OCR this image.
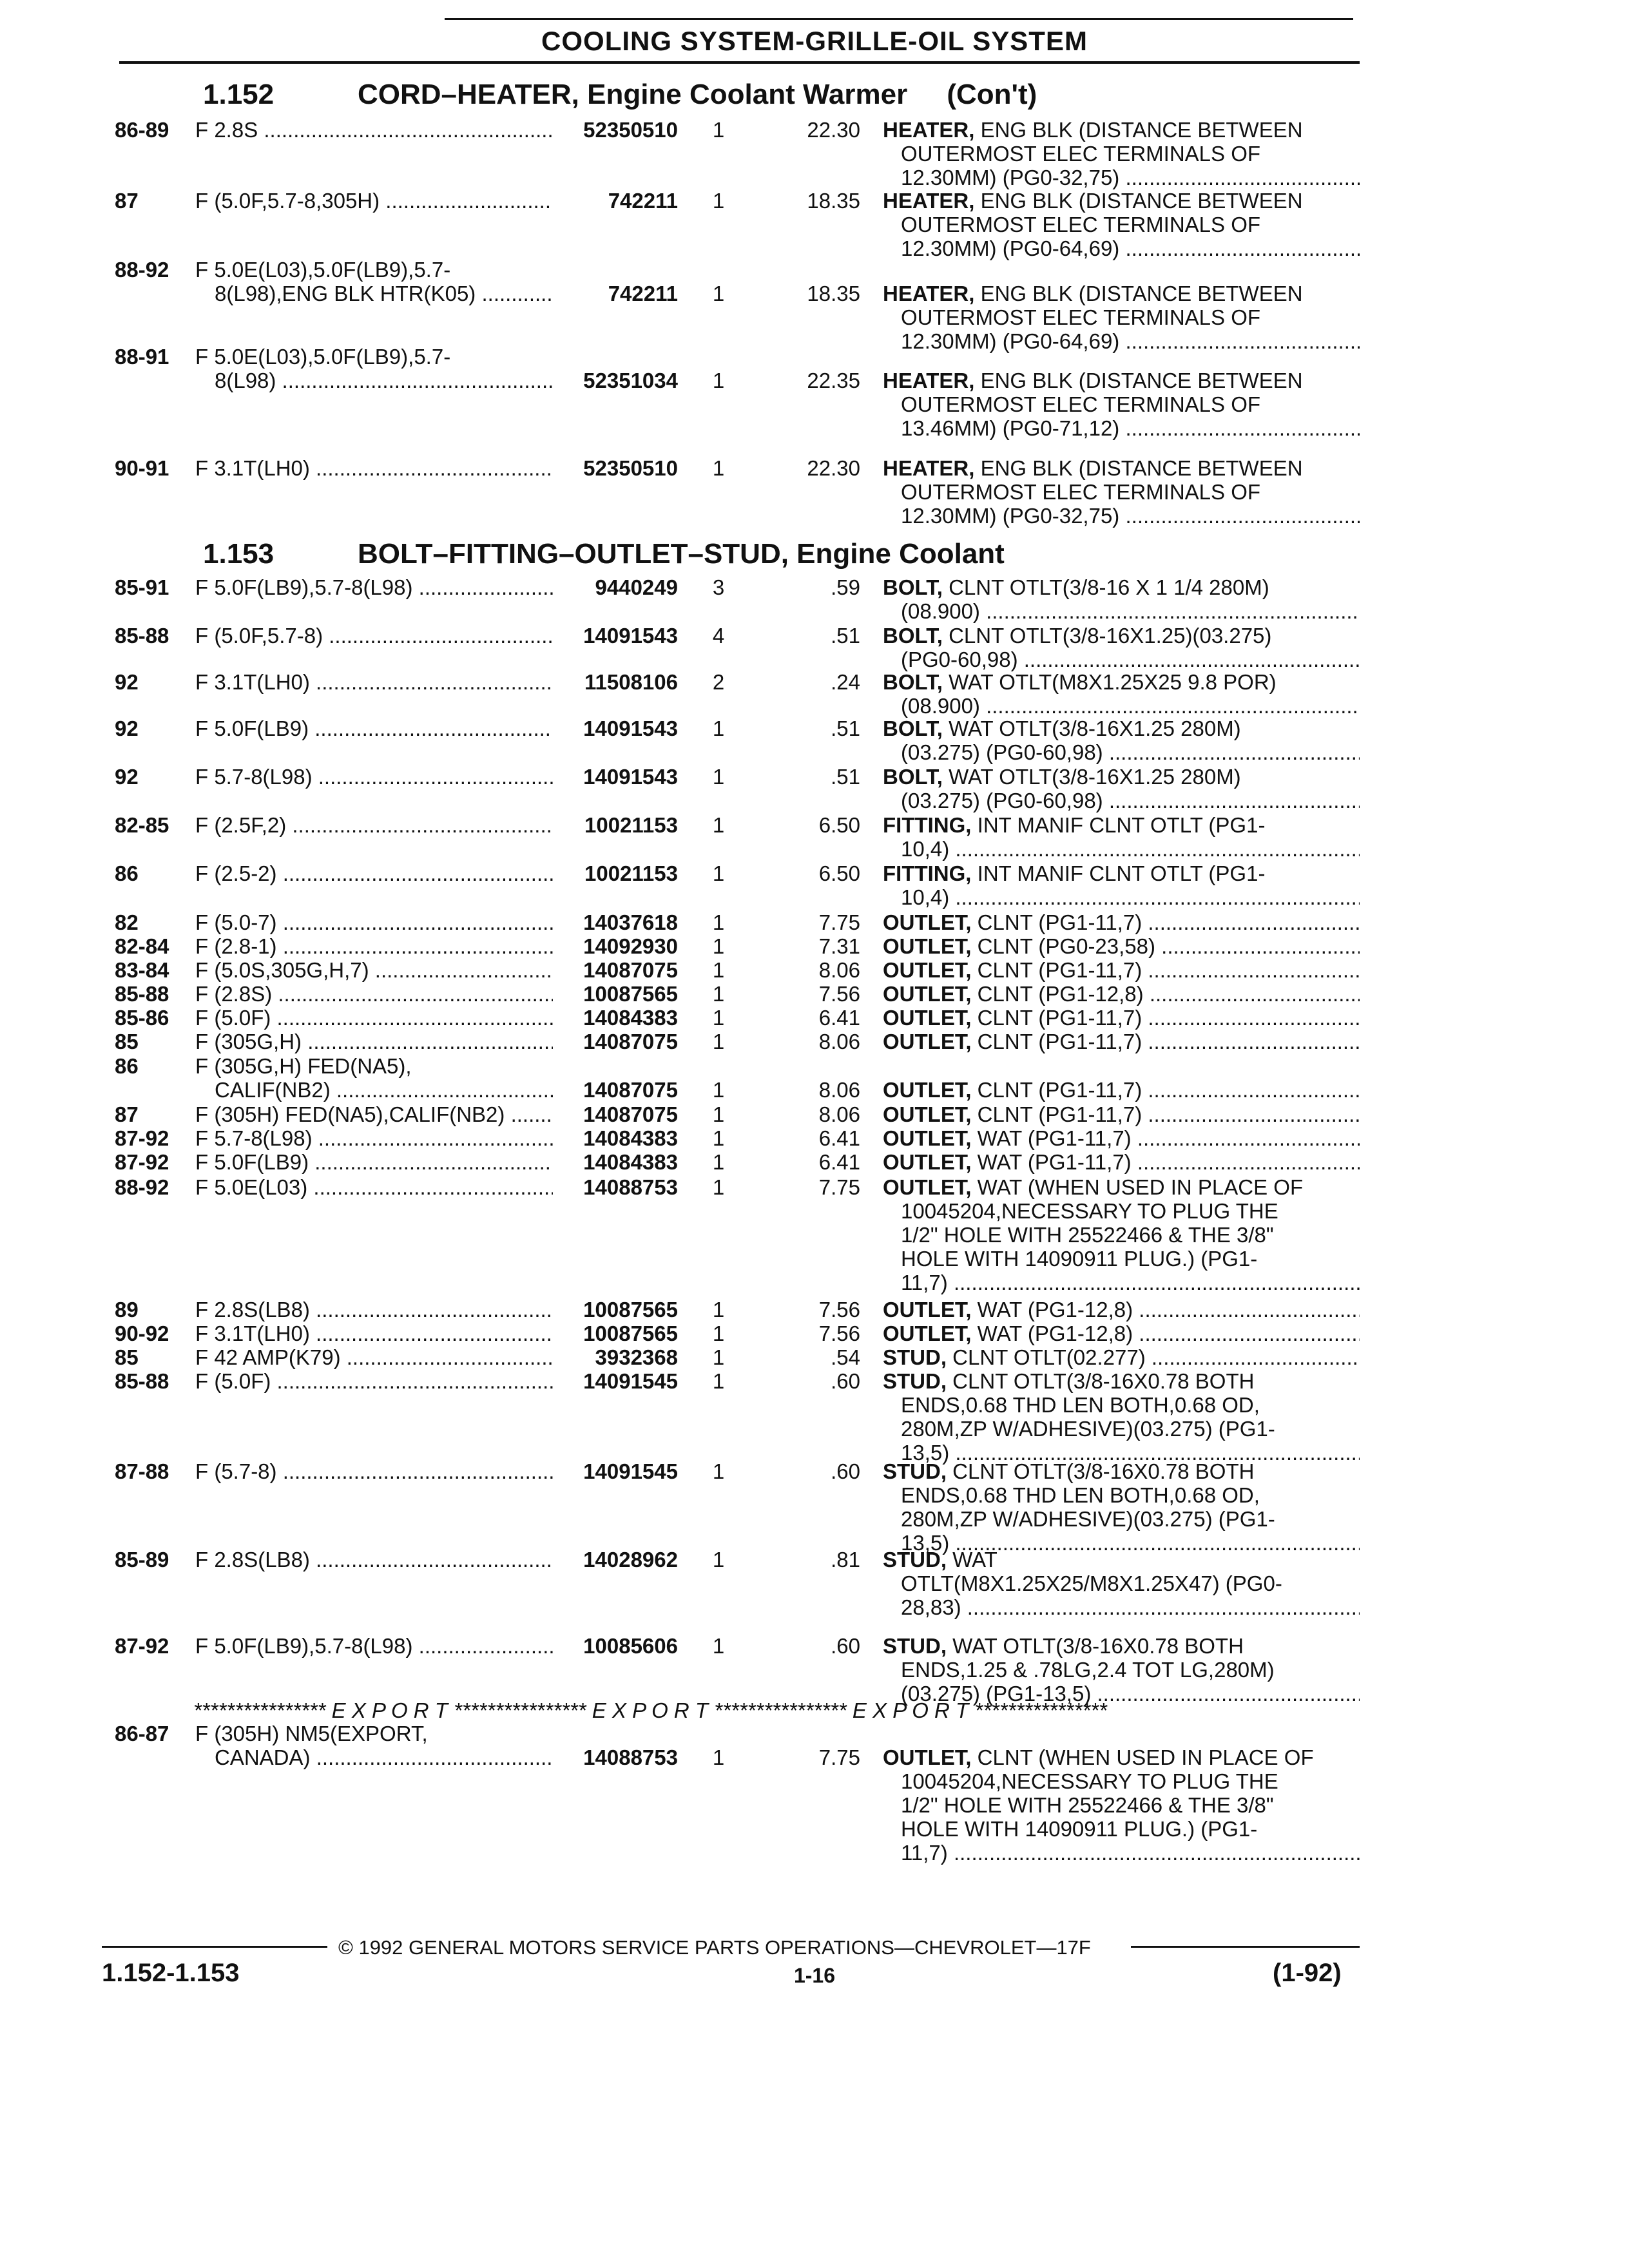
COOLING SYSTEM-GRILLE-OIL SYSTEM
1.152	CORD–HEATER, Engine Coolant Warmer (Con't)
86-89	F 2.8S .....	52350510 1	22.30 HEATER, ENG BLK (DISTANCE BETWEEN
OUTERMOST ELEC TERMINALS OF
12.30MM) (PG0-32,75) .....
87	F (5.0F,5.7-8,305H) .....	742211 1	18.35 HEATER, ENG BLK (DISTANCE BETWEEN
OUTERMOST ELEC TERMINALS OF
12.30MM) (PG0-64,69) .....
88-92	F 5.0E(L03),5.0F(LB9),5.7-
8(L98),ENG BLK HTR(K05) .....	742211 1	18.35 HEATER, ENG BLK (DISTANCE BETWEEN
OUTERMOST ELEC TERMINALS OF
12.30MM) (PG0-64,69) .....
88-91	F 5.0E(L03),5.0F(LB9),5.7-
8(L98) .....	52351034 1	22.35 HEATER, ENG BLK (DISTANCE BETWEEN
OUTERMOST ELEC TERMINALS OF
13.46MM) (PG0-71,12) .....
90-91	F 3.1T(LH0) .....	52350510 1	22.30 HEATER, ENG BLK (DISTANCE BETWEEN
OUTERMOST ELEC TERMINALS OF
12.30MM) (PG0-32,75) .....
1.153	BOLT–FITTING–OUTLET–STUD, Engine Coolant
85-91	F 5.0F(LB9),5.7-8(L98) .....	9440249 3	.59 BOLT, CLNT OTLT(3/8-16 X 1 1/4 280M)
(08.900) .....
85-88	F (5.0F,5.7-8) .....	14091543 4	.51 BOLT, CLNT OTLT(3/8-16X1.25)(03.275)
(PG0-60,98) .....
92	F 3.1T(LH0) .....	11508106 2	.24 BOLT, WAT OTLT(M8X1.25X25 9.8 POR)
(08.900) .....
92	F 5.0F(LB9) .....	14091543 1	.51 BOLT, WAT OTLT(3/8-16X1.25 280M)
(03.275) (PG0-60,98) .....
92	F 5.7-8(L98) .....	14091543 1	.51 BOLT, WAT OTLT(3/8-16X1.25 280M)
(03.275) (PG0-60,98) .....
82-85	F (2.5F,2) .....	10021153 1	6.50 FITTING, INT MANIF CLNT OTLT (PG1-
10,4) .....
86	F (2.5-2) .....	10021153 1	6.50 FITTING, INT MANIF CLNT OTLT (PG1-
10,4) .....
82	F (5.0-7) .....	14037618 1	7.75 OUTLET, CLNT (PG1-11,7) .....
82-84	F (2.8-1) .....	14092930 1	7.31 OUTLET, CLNT (PG0-23,58) .....
83-84	F (5.0S,305G,H,7) .....	14087075 1	8.06 OUTLET, CLNT (PG1-11,7) .....
85-88	F (2.8S) .....	10087565 1	7.56 OUTLET, CLNT (PG1-12,8) .....
85-86	F (5.0F) .....	14084383 1	6.41 OUTLET, CLNT (PG1-11,7) .....
85	F (305G,H) .....	14087075 1	8.06 OUTLET, CLNT (PG1-11,7) .....
86	F (305G,H) FED(NA5),
CALIF(NB2) .....	14087075 1	8.06 OUTLET, CLNT (PG1-11,7) .....
87	F (305H) FED(NA5),CALIF(NB2) .....	14087075 1	8.06 OUTLET, CLNT (PG1-11,7) .....
87-92	F 5.7-8(L98) .....	14084383 1	6.41 OUTLET, WAT (PG1-11,7) .....
87-92	F 5.0F(LB9) .....	14084383 1	6.41 OUTLET, WAT (PG1-11,7) .....
88-92	F 5.0E(L03) .....	14088753 1	7.75 OUTLET, WAT (WHEN USED IN PLACE OF
10045204,NECESSARY TO PLUG THE
1/2" HOLE WITH 25522466 & THE 3/8"
HOLE WITH 14090911 PLUG.) (PG1-
11,7) .....
89	F 2.8S(LB8) .....	10087565 1	7.56 OUTLET, WAT (PG1-12,8) .....
90-92	F 3.1T(LH0) .....	10087565 1	7.56 OUTLET, WAT (PG1-12,8) .....
85	F 42 AMP(K79) .....	3932368 1	.54 STUD, CLNT OTLT(02.277) .....
85-88	F (5.0F) .....	14091545 1	.60 STUD, CLNT OTLT(3/8-16X0.78 BOTH
ENDS,0.68 THD LEN BOTH,0.68 OD,
280M,ZP W/ADHESIVE)(03.275) (PG1-
13,5) .....
87-88	F (5.7-8) .....	14091545 1	.60 STUD, CLNT OTLT(3/8-16X0.78 BOTH
ENDS,0.68 THD LEN BOTH,0.68 OD,
280M,ZP W/ADHESIVE)(03.275) (PG1-
13,5) .....
85-89	F 2.8S(LB8) .....	14028962 1	.81 STUD, WAT
OTLT(M8X1.25X25/M8X1.25X47) (PG0-
28,83) .....
87-92	F 5.0F(LB9),5.7-8(L98) .....	10085606 1	.60 STUD, WAT OTLT(3/8-16X0.78 BOTH
ENDS,1.25 & .78LG,2.4 TOT LG,280M)
(03.275) (PG1-13,5) .....
**************** E X P O R T **************** E X P O R T **************** E X P O R T ****************
86-87	F (305H) NM5(EXPORT,
CANADA) .....	14088753 1	7.75 OUTLET, CLNT (WHEN USED IN PLACE OF
10045204,NECESSARY TO PLUG THE
1/2" HOLE WITH 25522466 & THE 3/8"
HOLE WITH 14090911 PLUG.) (PG1-
11,7) .....
© 1992 GENERAL MOTORS SERVICE PARTS OPERATIONS—CHEVROLET—17F
1.152-1.153	1-16	(1-92)
